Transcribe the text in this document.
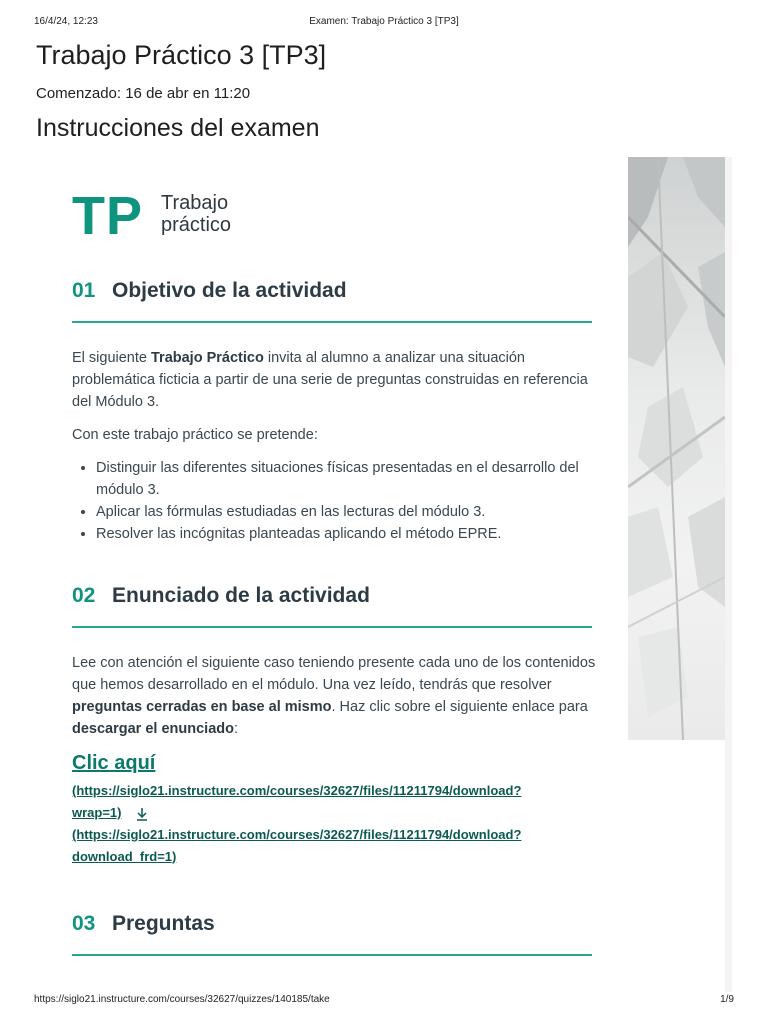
16/4/24, 12:23	Examen: Trabajo Práctico 3 [TP3]
Trabajo Práctico 3 [TP3]
Comenzado: 16 de abr en 11:20
Instrucciones del examen
TP Trabajo
práctico
01 Objetivo de la actividad

El siguiente Trabajo Práctico invita al alumno a analizar una situación problemática ficticia a partir de una serie de preguntas construidas en referencia del Módulo 3.

Con este trabajo práctico se pretende:

• Distinguir las diferentes situaciones físicas presentadas en el desarrollo del módulo 3.
• Aplicar las fórmulas estudiadas en las lecturas del módulo 3.
• Resolver las incógnitas planteadas aplicando el método EPRE.
02 Enunciado de la actividad

Lee con atención el siguiente caso teniendo presente cada uno de los contenidos que hemos desarrollado en el módulo. Una vez leído, tendrás que resolver preguntas cerradas en base al mismo. Haz clic sobre el siguiente enlace para descargar el enunciado:

Clic aquí
(https://siglo21.instructure.com/courses/32627/files/11211794/download?
wrap=1)
(https://siglo21.instructure.com/courses/32627/files/11211794/download?
download_frd=1)
03 Preguntas
https://siglo21.instructure.com/courses/32627/quizzes/140185/take	1/9
